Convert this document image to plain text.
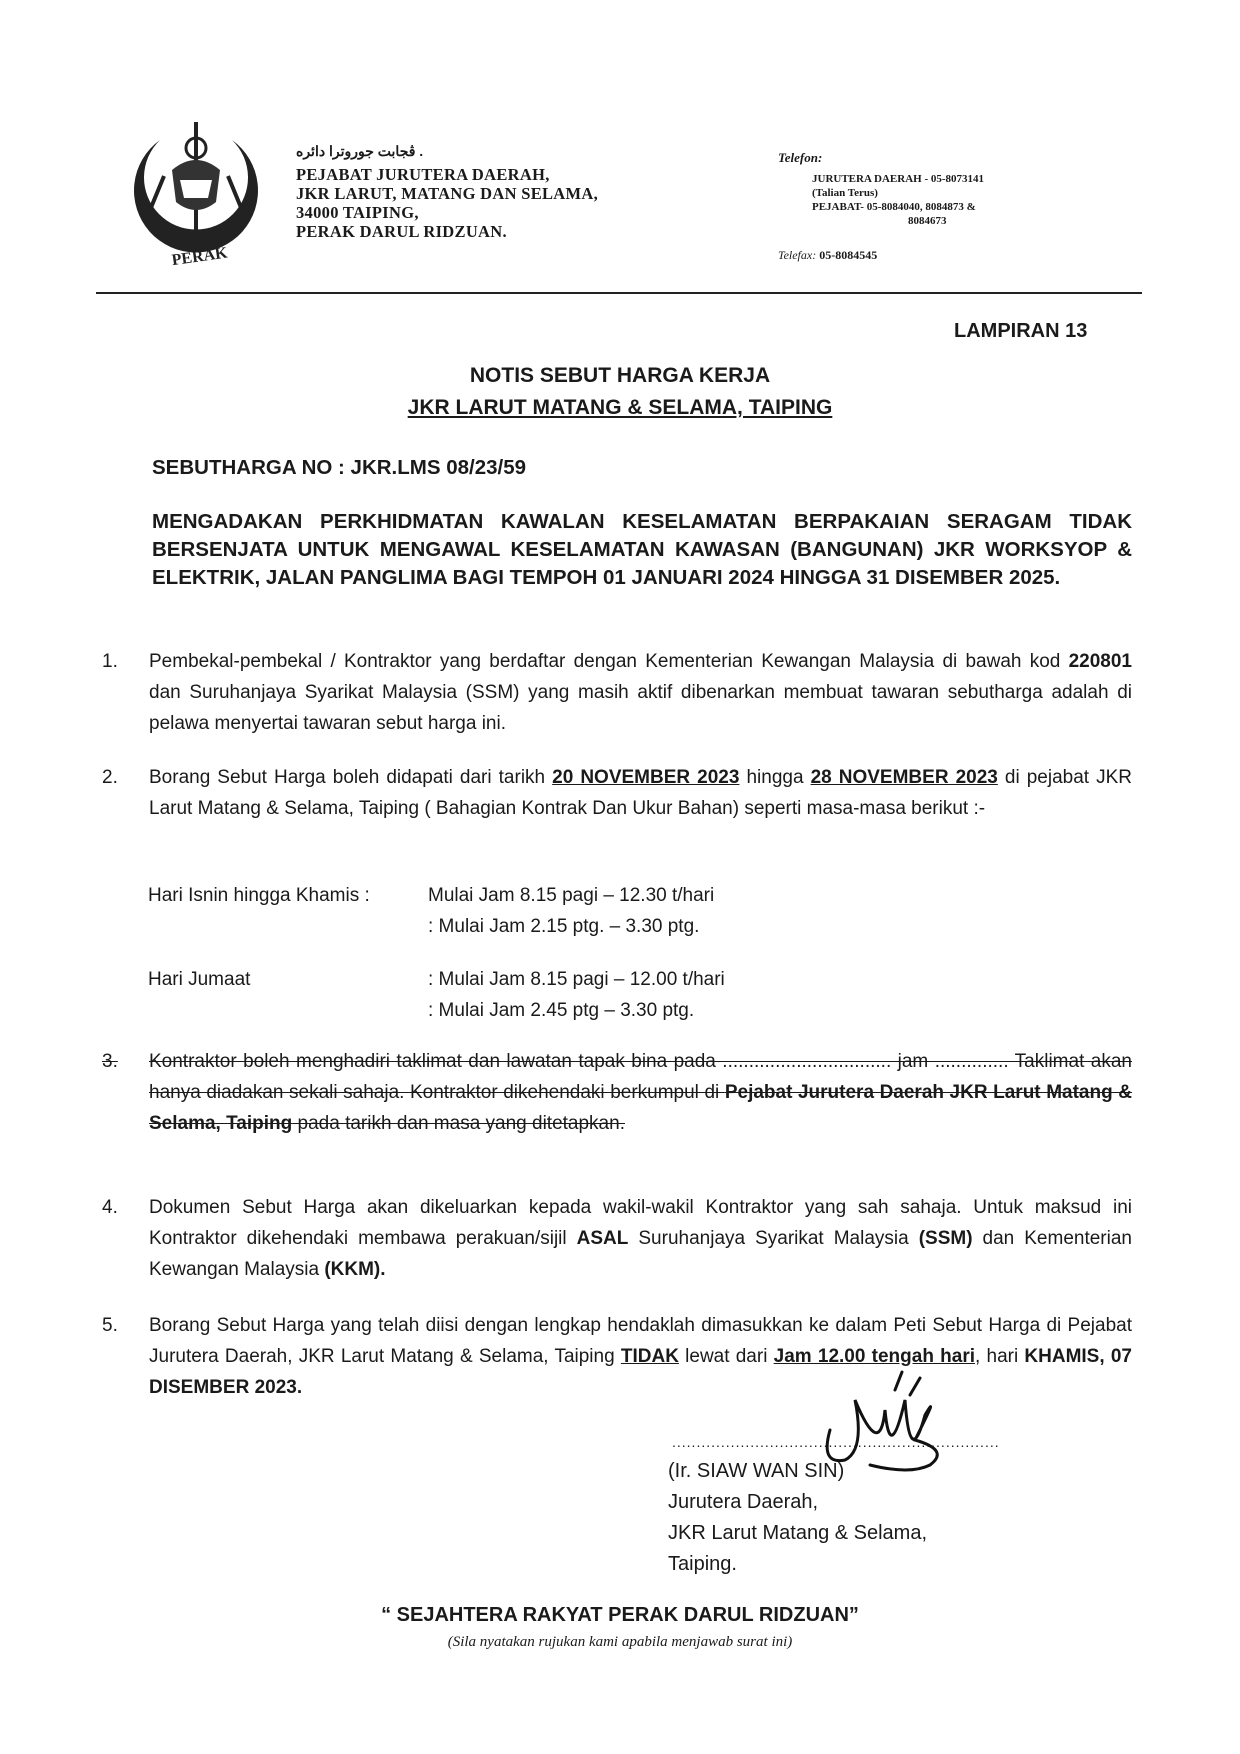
PERAK
ڤجابت جوروترا دائره .
PEJABAT JURUTERA DAERAH,
JKR LARUT, MATANG DAN SELAMA,
34000 TAIPING,
PERAK DARUL RIDZUAN.
Telefon:
JURUTERA DAERAH - 05-8073141
(Talian Terus)
PEJABAT- 05-8084040, 8084873 &
8084673
Telefax: 05-8084545
LAMPIRAN 13
NOTIS SEBUT HARGA KERJA
JKR LARUT MATANG & SELAMA, TAIPING
SEBUTHARGA NO : JKR.LMS 08/23/59
MENGADAKAN PERKHIDMATAN KAWALAN KESELAMATAN BERPAKAIAN SERAGAM TIDAK BERSENJATA UNTUK MENGAWAL KESELAMATAN KAWASAN (BANGUNAN) JKR WORKSYOP & ELEKTRIK, JALAN PANGLIMA BAGI TEMPOH 01 JANUARI 2024 HINGGA 31 DISEMBER 2025.
1. Pembekal-pembekal / Kontraktor yang berdaftar dengan Kementerian Kewangan Malaysia di bawah kod 220801 dan Suruhanjaya Syarikat Malaysia (SSM) yang masih aktif dibenarkan membuat tawaran sebutharga adalah di pelawa menyertai tawaran sebut harga ini.
2. Borang Sebut Harga boleh didapati dari tarikh 20 NOVEMBER 2023 hingga 28 NOVEMBER 2023 di pejabat JKR Larut Matang & Selama, Taiping ( Bahagian Kontrak Dan Ukur Bahan) seperti masa-masa berikut :-
Hari Isnin hingga Khamis :	Mulai Jam 8.15 pagi – 12.30 t/hari
: Mulai Jam 2.15 ptg. – 3.30 ptg.
Hari Jumaat	: Mulai Jam 8.15 pagi – 12.00 t/hari
: Mulai Jam 2.45 ptg – 3.30 ptg.
3. Kontraktor boleh menghadiri taklimat dan lawatan tapak bina pada ................................ jam .............. Taklimat akan hanya diadakan sekali sahaja. Kontraktor dikehendaki berkumpul di Pejabat Jurutera Daerah JKR Larut Matang & Selama, Taiping pada tarikh dan masa yang ditetapkan.
4. Dokumen Sebut Harga akan dikeluarkan kepada wakil-wakil Kontraktor yang sah sahaja. Untuk maksud ini Kontraktor dikehendaki membawa perakuan/sijil ASAL Suruhanjaya Syarikat Malaysia (SSM) dan Kementerian Kewangan Malaysia (KKM).
5. Borang Sebut Harga yang telah diisi dengan lengkap hendaklah dimasukkan ke dalam Peti Sebut Harga di Pejabat Jurutera Daerah, JKR Larut Matang & Selama, Taiping TIDAK lewat dari Jam 12.00 tengah hari, hari KHAMIS, 07 DISEMBER 2023.
...................................................................
(Ir. SIAW WAN SIN)
Jurutera Daerah,
JKR Larut Matang & Selama,
Taiping.
“ SEJAHTERA RAKYAT PERAK DARUL RIDZUAN”
(Sila nyatakan rujukan kami apabila menjawab surat ini)
